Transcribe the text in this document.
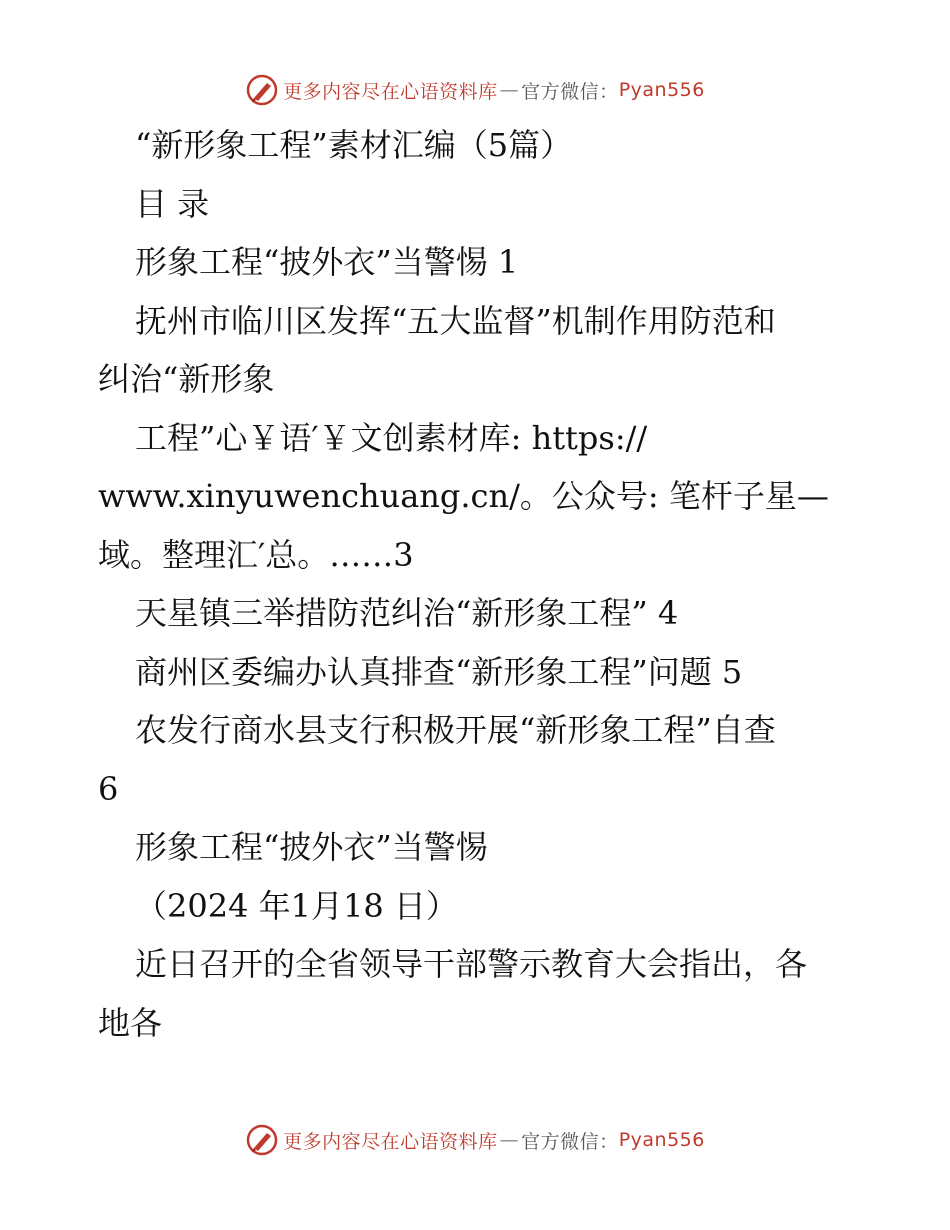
更多内容尽在心语资料库 — 官方微信： Pyan556
“新形象工程”素材汇编（5篇）
目 录
形象工程“披外衣”当警惕 1
抚州市临川区发挥“五大监督”机制作用防范和
纠治“新形象
工程”心￥语′￥文创素材库: https://
www.xinyuwenchuang.cn/。公众号: 笔杆子星—
域。整理汇′总。……3
天星镇三举措防范纠治“新形象工程” 4
商州区委编办认真排查“新形象工程”问题 5
农发行商水县支行积极开展“新形象工程”自查
6
形象工程“披外衣”当警惕
（2024 年1月18 日）
近日召开的全省领导干部警示教育大会指出，各
地各
更多内容尽在心语资料库 — 官方微信： Pyan556
